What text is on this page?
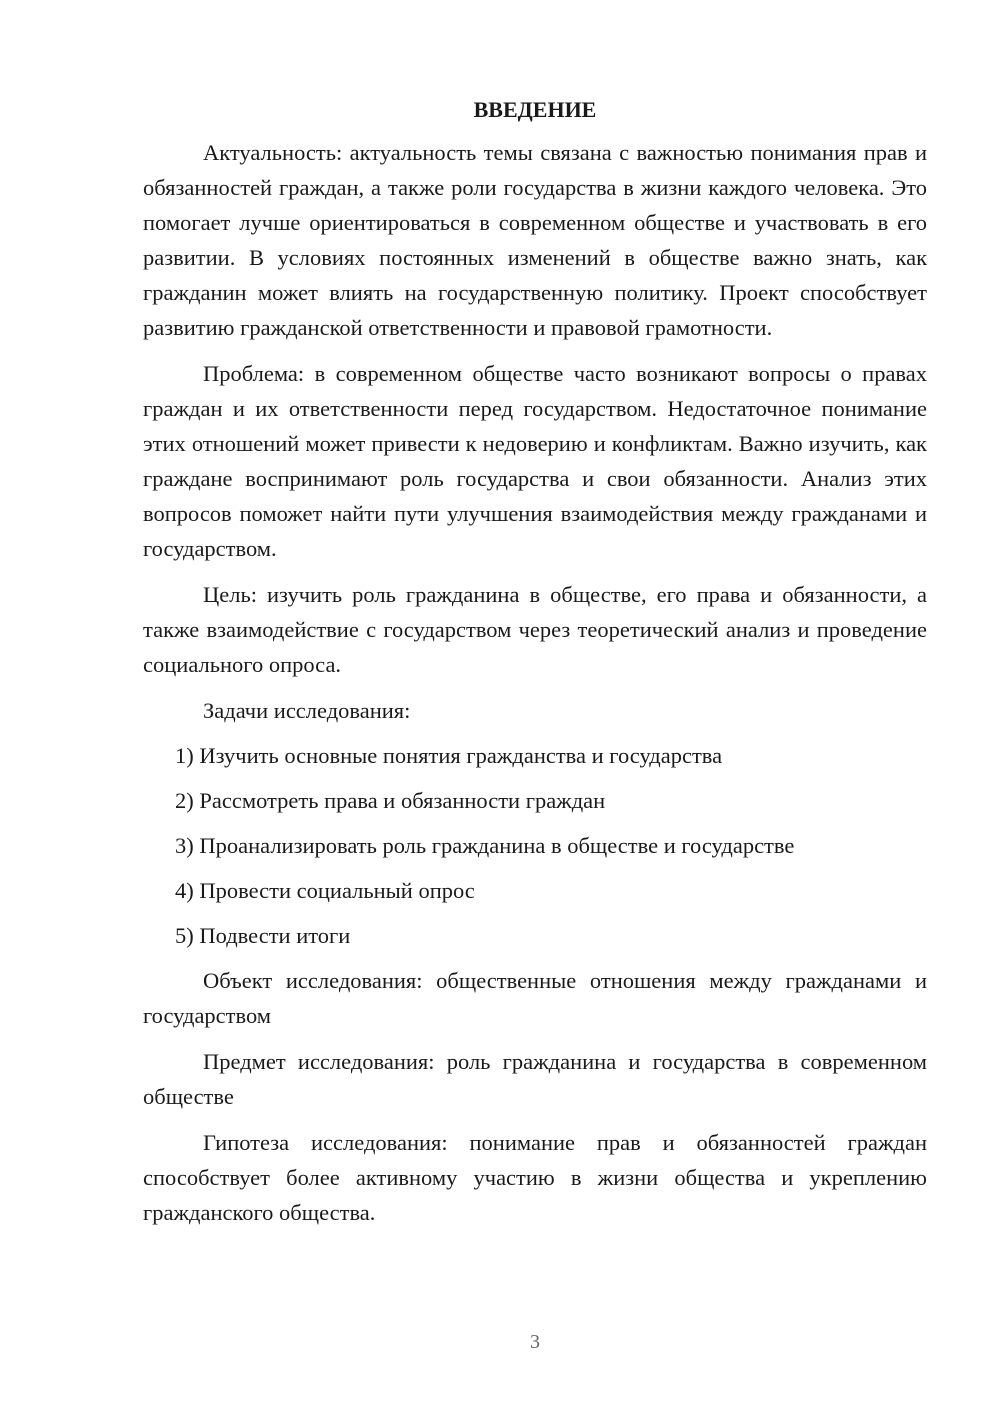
ВВЕДЕНИЕ

Актуальность: актуальность темы связана с важностью понимания прав и обязанностей граждан, а также роли государства в жизни каждого человека. Это помогает лучше ориентироваться в современном обществе и участвовать в его развитии. В условиях постоянных изменений в обществе важно знать, как гражданин может влиять на государственную политику. Проект способствует развитию гражданской ответственности и правовой грамотности.

Проблема: в современном обществе часто возникают вопросы о правах граждан и их ответственности перед государством. Недостаточное понимание этих отношений может привести к недоверию и конфликтам. Важно изучить, как граждане воспринимают роль государства и свои обязанности. Анализ этих вопросов поможет найти пути улучшения взаимодействия между гражданами и государством.

Цель: изучить роль гражданина в обществе, его права и обязанности, а также взаимодействие с государством через теоретический анализ и проведение социального опроса.

Задачи исследования:

1) Изучить основные понятия гражданства и государства
2) Рассмотреть права и обязанности граждан
3) Проанализировать роль гражданина в обществе и государстве
4) Провести социальный опрос
5) Подвести итоги

Объект исследования: общественные отношения между гражданами и государством

Предмет исследования: роль гражданина и государства в современном обществе

Гипотеза исследования: понимание прав и обязанностей граждан способствует более активному участию в жизни общества и укреплению гражданского общества.

3
